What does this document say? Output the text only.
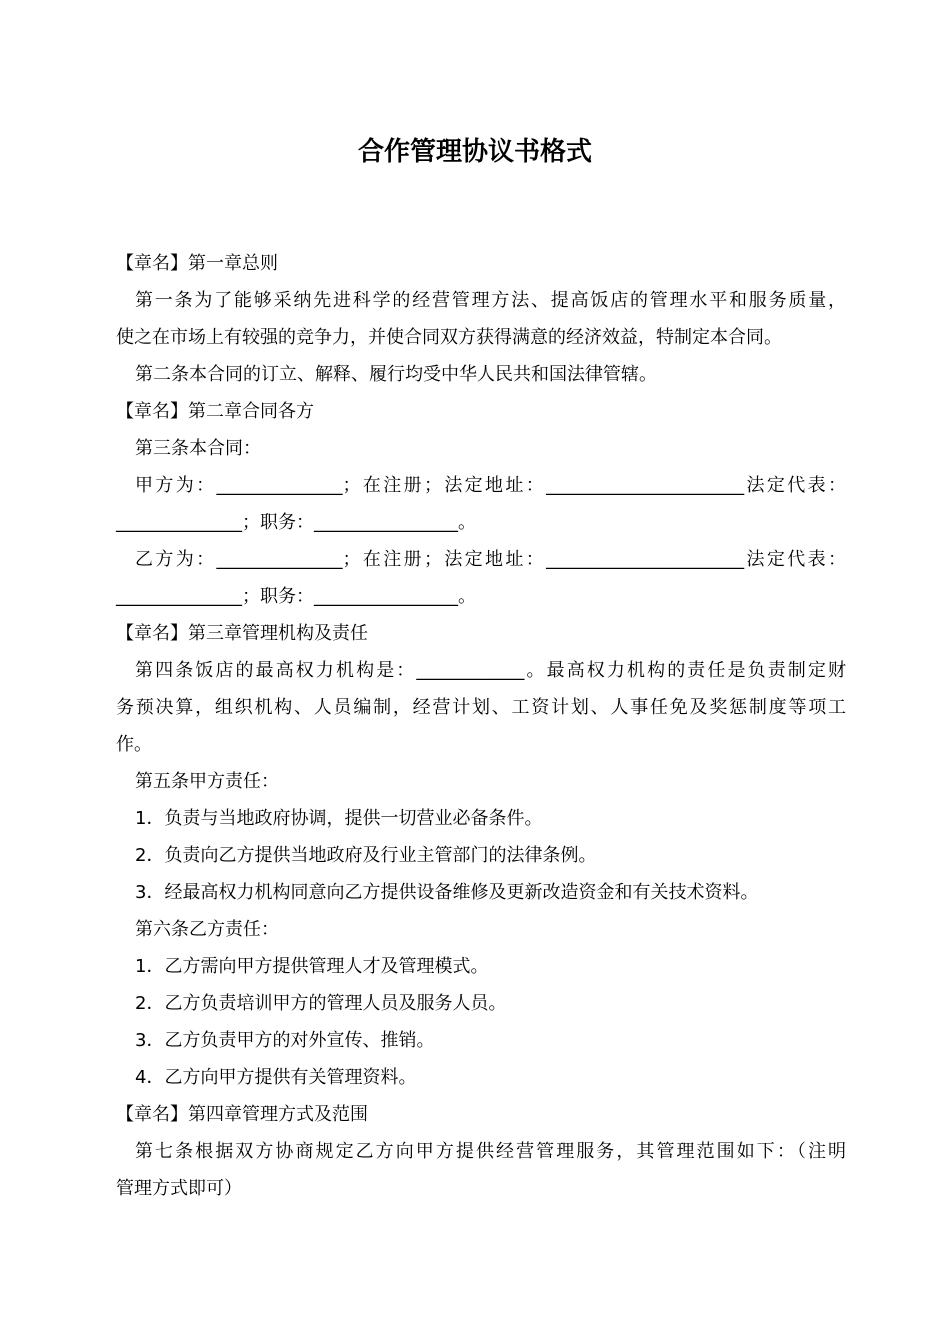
合作管理协议书格式
【章名】第一章总则
第一条为了能够采纳先进科学的经营管理方法、提高饭店的管理水平和服务质量，
使之在市场上有较强的竞争力，并使合同双方获得满意的经济效益，特制定本合同。
第二条本合同的订立、解释、履行均受中华人民共和国法律管辖。
【章名】第二章合同各方
第三条本合同：
甲方为：______________；在注册；法定地址：______________________法定代表：
______________；职务：________________。
乙方为：______________；在注册；法定地址：______________________法定代表：
______________；职务：________________。
【章名】第三章管理机构及责任
第四条饭店的最高权力机构是：____________。最高权力机构的责任是负责制定财
务预决算，组织机构、人员编制，经营计划、工资计划、人事任免及奖惩制度等项工
作。
第五条甲方责任：
1．负责与当地政府协调，提供一切营业必备条件。
2．负责向乙方提供当地政府及行业主管部门的法律条例。
3．经最高权力机构同意向乙方提供设备维修及更新改造资金和有关技术资料。
第六条乙方责任：
1．乙方需向甲方提供管理人才及管理模式。
2．乙方负责培训甲方的管理人员及服务人员。
3．乙方负责甲方的对外宣传、推销。
4．乙方向甲方提供有关管理资料。
【章名】第四章管理方式及范围
第七条根据双方协商规定乙方向甲方提供经营管理服务，其管理范围如下：（注明
管理方式即可）
